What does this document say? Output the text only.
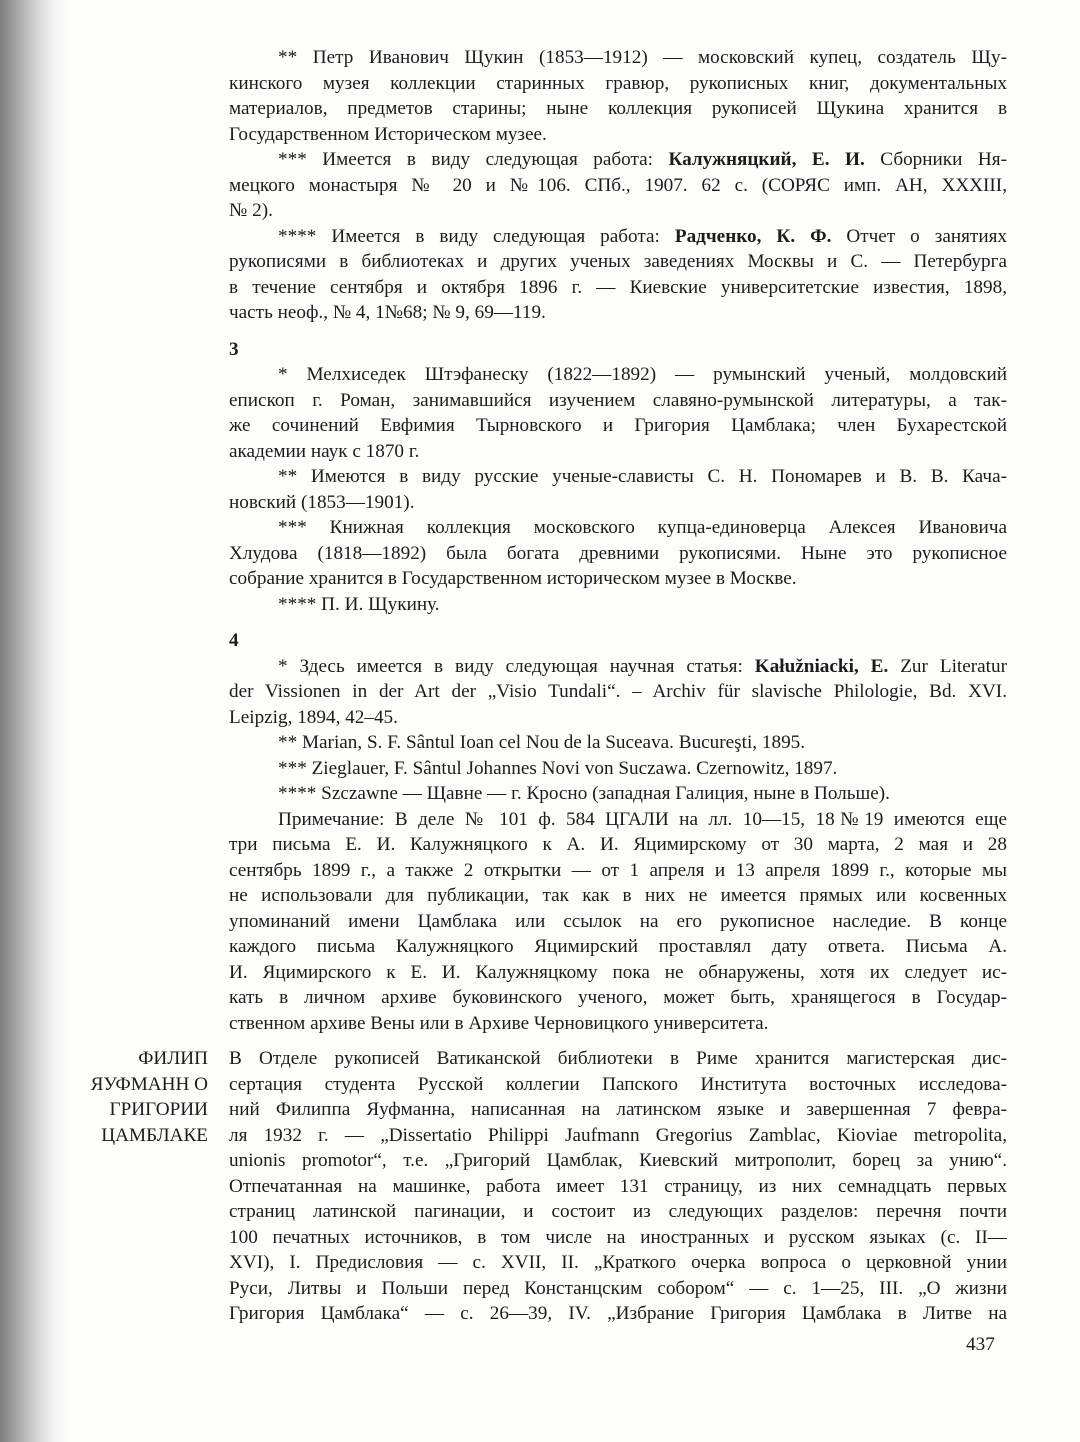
** Петр Иванович Щукин (1853—1912) — московский купец, создатель Щу-
кинского музея коллекции старинных гравюр, рукописных книг, документальных
материалов, предметов старины; ныне коллекция рукописей Щукина хранится в
Государственном Историческом музее.
*** Имеется в виду следующая работа: Калужняцкий, Е. И. Сборники Ня-
мецкого монастыря № 20 и №106. СПб., 1907. 62 с. (СОРЯС имп. АН, XXXIII,
№ 2).
**** Имеется в виду следующая работа: Радченко, К. Ф. Отчет о занятиях
рукописями в библиотеках и других ученых заведениях Москвы и С. — Петербурга
в течение сентября и октября 1896 г. — Киевские университетские известия, 1898,
часть неоф., № 4, 1№68; № 9, 69—119.
3
* Мелхиседек Штэфанеску (1822—1892) — румынский ученый, молдовский
епископ г. Роман, занимавшийся изучением славяно-румынской литературы, а так-
же сочинений Евфимия Тырновского и Григория Цамблака; член Бухарестской
академии наук с 1870 г.
** Имеются в виду русские ученые-слависты С. Н. Пономарев и В. В. Кача-
новский (1853—1901).
*** Книжная коллекция московского купца-единоверца Алексея Ивановича
Хлудова (1818—1892) была богата древними рукописями. Ныне это рукописное
собрание хранится в Государственном историческом музее в Москве.
**** П. И. Щукину.
4
* Здесь имеется в виду следующая научная статья: Kałužniacki, E. Zur Literatur
der Vissionen in der Art der „Visio Tundali“. – Archiv für slavische Philologie, Bd. XVI.
Leipzig, 1894, 42–45.
** Marian, S. F. Sântul Ioan cel Nou de la Suceava. Bucureşti, 1895.
*** Zieglauer, F. Sântul Johannes Novi von Suczawa. Czernowitz, 1897.
**** Szczawne — Щавне — г. Кросно (западная Галиция, ныне в Польше).
Примечание: В деле № 101 ф. 584 ЦГАЛИ на лл. 10—15, 18№19 имеются еще
три письма Е. И. Калужняцкого к А. И. Яцимирскому от 30 марта, 2 мая и 28
сентябрь 1899 г., а также 2 открытки — от 1 апреля и 13 апреля 1899 г., которые мы
не использовали для публикации, так как в них не имеется прямых или косвенных
упоминаний имени Цамблака или ссылок на его рукописное наследие. В конце
каждого письма Калужняцкого Яцимирский проставлял дату ответа. Письма А.
И. Яцимирского к Е. И. Калужняцкому пока не обнаружены, хотя их следует ис-
кать в личном архиве буковинского ученого, может быть, хранящегося в Государ-
ственном архиве Вены или в Архиве Черновицкого университета.
В Отделе рукописей Ватиканской библиотеки в Риме хранится магистерская дис-
сертация студента Русской коллегии Папского Института восточных исследова-
ний Филиппа Яуфманна, написанная на латинском языке и завершенная 7 февра-
ля 1932 г. — „Dissertatio Philippi Jaufmann Gregorius Zamblac, Kioviae metropolita,
unionis promotor“, т.е. „Григорий Цамблак, Киевский митрополит, борец за унию“.
Отпечатанная на машинке, работа имеет 131 страницу, из них семнадцать первых
страниц латинской пагинации, и состоит из следующих разделов: перечня почти
100 печатных источников, в том числе на иностранных и русском языках (с. II—
XVI), I. Предисловия — с. XVII, II. „Краткого очерка вопроса о церковной унии
Руси, Литвы и Польши перед Констанцским собором“ — с. 1—25, III. „О жизни
Григория Цамблака“ — с. 26—39, IV. „Избрание Григория Цамблака в Литве на
ФИЛИП
ЯУФМАНН О
ГРИГОРИИ
ЦАМБЛАКЕ
437
